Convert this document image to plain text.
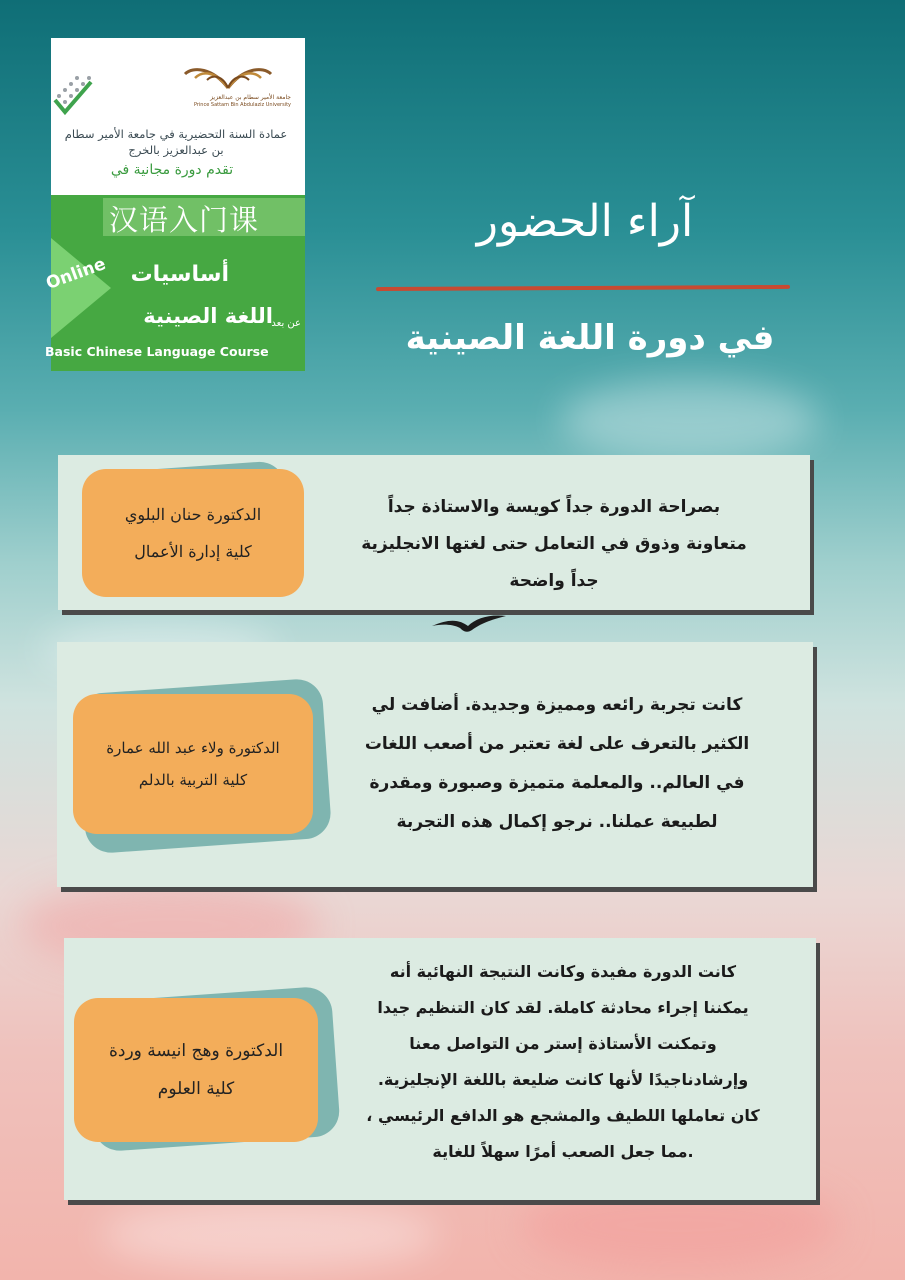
جامعة الأمير سطام بن عبدالعزيز
Prince Sattam Bin Abdulaziz University
عمادة السنة التحضيرية في جامعة الأمير سطام بن عبدالعزيز بالخرج
تقدم دورة مجانية في
汉语入门课
Online أساسيات
اللغة الصينية
عن بعد
Basic Chinese Language Course
آراء الحضور
في دورة اللغة الصينية
الدكتورة حنان البلوي
كلية إدارة الأعمال
بصراحة الدورة جداً كويسة والاستاذة جداً
متعاونة وذوق في التعامل حتى لغتها الانجليزية
جداً واضحة
الدكتورة ولاء عبد الله عمارة
كلية التربية بالدلم
كانت تجربة رائعه ومميزة وجديدة. أضافت لي
الكثير بالتعرف على لغة تعتبر من أصعب اللغات
في العالم.. والمعلمة متميزة وصبورة ومقدرة
لطبيعة عملنا.. نرجو إكمال هذه التجربة
الدكتورة وهج انيسة وردة
كلية العلوم
كانت الدورة مفيدة وكانت النتيجة النهائية أنه
يمكننا إجراء محادثة كاملة. لقد كان التنظيم جيدا
وتمكنت الأستاذة إستر من التواصل معنا
وإرشادناجيدًا لأنها كانت ضليعة باللغة الإنجليزية.
كان تعاملها اللطيف والمشجع هو الدافع الرئيسي ،
.مما جعل الصعب أمرًا سهلاً للغاية
